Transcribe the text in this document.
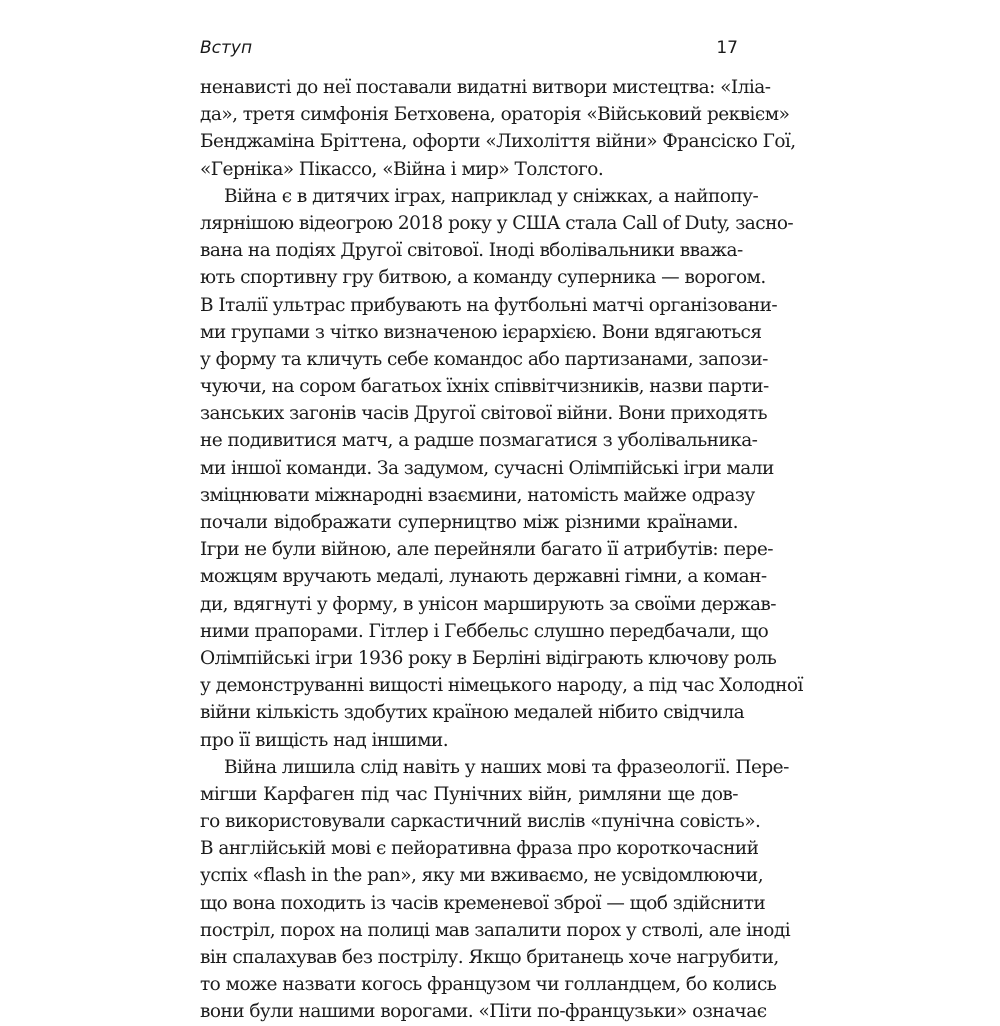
Вступ	17
ненависті до неї поставали видатні витвори мистецтва: «Іліа-
да», третя симфонія Бетховена, ораторія «Військовий реквієм»
Бенджаміна Бріттена, офорти «Лихоліття війни» Франсіско Гої,
«Герніка» Пікассо, «Війна і мир» Толстого.
Війна є в дитячих іграх, наприклад у сніжках, а найпопу-
лярнішою відеогрою 2018 року у США стала Call of Duty, засно-
вана на подіях Другої світової. Іноді вболівальники вважа-
ють спортивну гру битвою, а команду суперника — ворогом.
В Італії ультрас прибувають на футбольні матчі організовани-
ми групами з чітко визначеною ієрархією. Вони вдягаються
у форму та кличуть себе командос або партизанами, запози-
чуючи, на сором багатьох їхніх співвітчизників, назви парти-
занських загонів часів Другої світової війни. Вони приходять
не подивитися матч, а радше позмагатися з уболівальника-
ми іншої команди. За задумом, сучасні Олімпійські ігри мали
зміцнювати міжнародні взаємини, натомість майже одразу
почали відображати суперництво між різними країнами.
Ігри не були війною, але перейняли багато її атрибутів: пере-
можцям вручають медалі, лунають державні гімни, а коман-
ди, вдягнуті у форму, в унісон марширують за своїми держав-
ними прапорами. Гітлер і Геббельс слушно передбачали, що
Олімпійські ігри 1936 року в Берліні відіграють ключову роль
у демонструванні вищості німецького народу, а під час Холодної
війни кількість здобутих країною медалей нібито свідчила
про її вищість над іншими.
Війна лишила слід навіть у наших мові та фразеології. Пере-
мігши Карфаген під час Пунічних війн, римляни ще дов-
го використовували саркастичний вислів «пунічна совість».
В англійській мові є пейоративна фраза про короткочасний
успіх «flash in the pan», яку ми вживаємо, не усвідомлюючи,
що вона походить із часів кременевої зброї — щоб здійснити
постріл, порох на полиці мав запалити порох у стволі, але іноді
він спалахував без пострілу. Якщо британець хоче нагрубити,
то може назвати когось французом чи голландцем, бо колись
вони були нашими ворогами. «Піти по-французьки» означає
